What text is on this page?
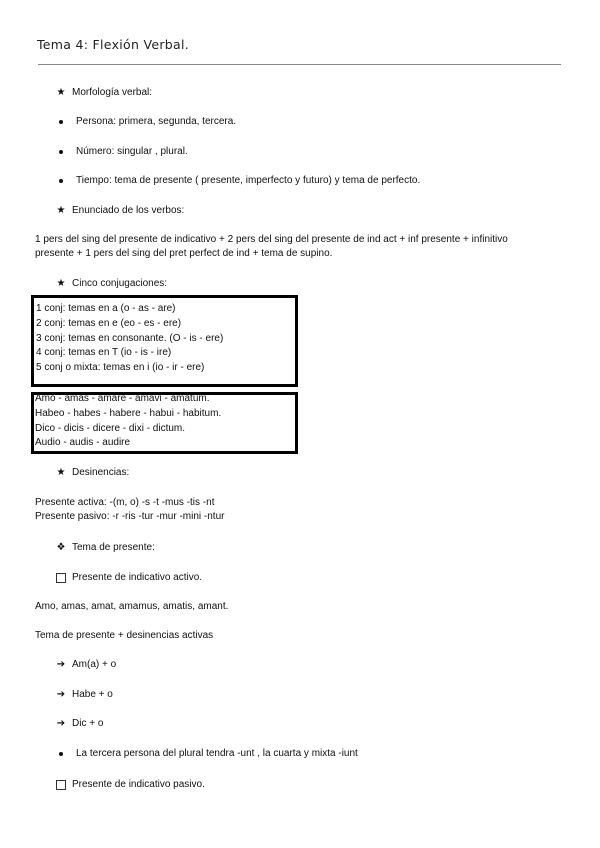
Tema 4: Flexión Verbal.
★ Morfología verbal:
Persona: primera, segunda, tercera.
Número: singular , plural.
Tiempo: tema de presente ( presente, imperfecto y futuro) y tema de perfecto.
★ Enunciado de los verbos:
1 pers del sing del presente de indicativo + 2 pers del sing del presente de ind act + inf presente + infinitivo
presente + 1 pers del sing del pret perfect de ind + tema de supino.
★ Cinco conjugaciones:
1 conj: temas en a (o - as - are)
2 conj: temas en e (eo - es - ere)
3 conj: temas en consonante. (O - is - ere)
4 conj: temas en T (io - is - ire)
5 conj o mixta: temas en i (io - ir - ere)
Amo - amas - amare - amavi - amatum.
Habeo - habes - habere - habui - habitum.
Dico - dicis - dicere - dixi - dictum.
Audio - audis - audire
★ Desinencias:
Presente activa: -(m, o) -s -t -mus -tis -nt
Presente pasivo: -r -ris -tur -mur -mini -ntur
❖ Tema de presente:
Presente de indicativo activo.
Amo, amas, amat, amamus, amatis, amant.
Tema de presente + desinencias activas
➔ Am(a) + o
➔ Habe + o
➔ Dic + o
La tercera persona del plural tendra -unt , la cuarta y mixta -iunt
Presente de indicativo pasivo.
